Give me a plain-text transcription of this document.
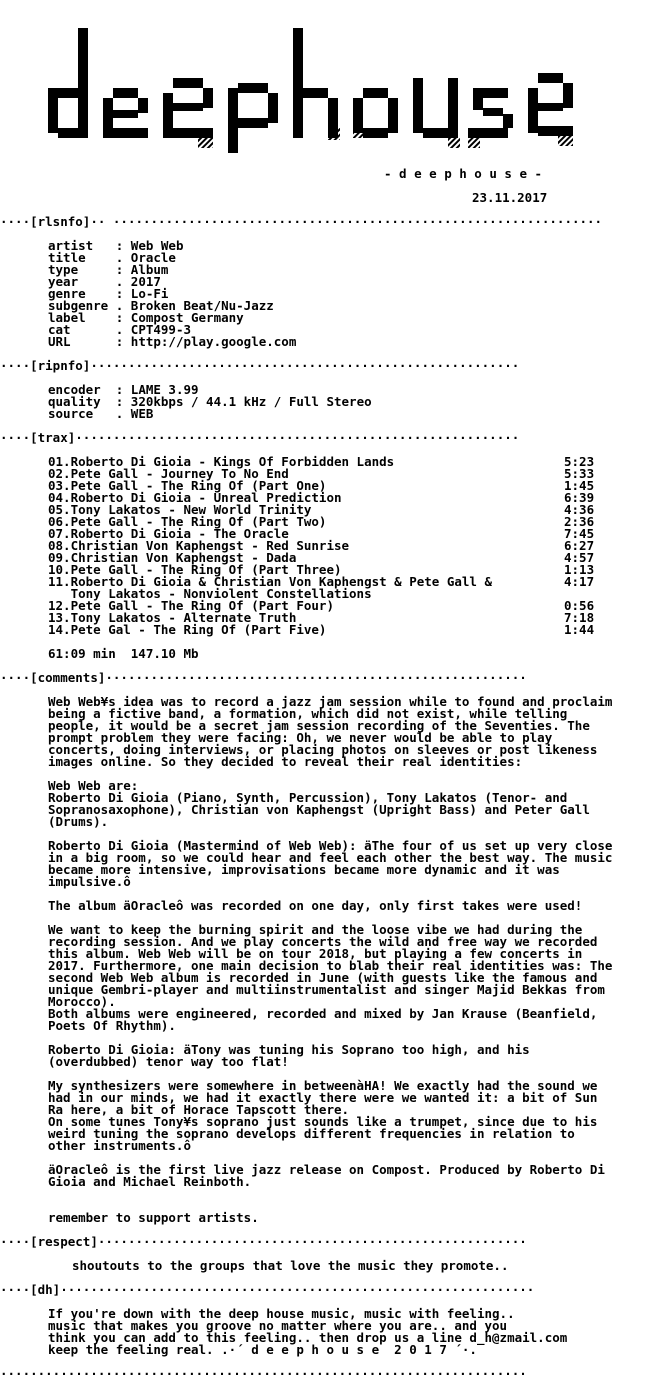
- d e e p h o u s e -
23.11.2017
····[rlsnfo]·· ·································································
artist   : Web Web
title    . Oracle
type     : Album
year     . 2017
genre    : Lo-Fi
subgenre . Broken Beat/Nu-Jazz
label    : Compost Germany
cat      . CPT499-3
URL      : http://play.google.com
····[ripnfo]·························································
encoder  : LAME 3.99
quality  : 320kbps / 44.1 kHz / Full Stereo
source   . WEB
····[trax]···························································
01.Roberto Di Gioia - Kings Of Forbidden Lands	5:23
02.Pete Gall - Journey To No End	5:33
03.Pete Gall - The Ring Of (Part One)	1:45
04.Roberto Di Gioia - Unreal Prediction	6:39
05.Tony Lakatos - New World Trinity	4:36
06.Pete Gall - The Ring Of (Part Two)	2:36
07.Roberto Di Gioia - The Oracle	7:45
08.Christian Von Kaphengst - Red Sunrise	6:27
09.Christian Von Kaphengst - Dada	4:57
10.Pete Gall - The Ring Of (Part Three)	1:13
11.Roberto Di Gioia & Christian Von Kaphengst & Pete Gall &	4:17
Tony Lakatos - Nonviolent Constellations
12.Pete Gall - The Ring Of (Part Four)	0:56
13.Tony Lakatos - Alternate Truth	7:18
14.Pete Gal - The Ring Of (Part Five)	1:44
61:09 min  147.10 Mb
····[comments]························································
Web Web¥s idea was to record a jazz jam session while to found and proclaim
being a fictive band, a formation, which did not exist, while telling
people, it would be a secret jam session recording of the Seventies. The
prompt problem they were facing: Oh, we never would be able to play
concerts, doing interviews, or placing photos on sleeves or post likeness
images online. So they decided to reveal their real identities:
Web Web are:
Roberto Di Gioia (Piano, Synth, Percussion), Tony Lakatos (Tenor- and
Sopranosaxophone), Christian von Kaphengst (Upright Bass) and Peter Gall
(Drums).
Roberto Di Gioia (Mastermind of Web Web): äThe four of us set up very close
in a big room, so we could hear and feel each other the best way. The music
became more intensive, improvisations became more dynamic and it was
impulsive.ô
The album äOracleô was recorded on one day, only first takes were used!
We want to keep the burning spirit and the loose vibe we had during the
recording session. And we play concerts the wild and free way we recorded
this album. Web Web will be on tour 2018, but playing a few concerts in
2017. Furthermore, one main decision to blab their real identities was: The
second Web Web album is recorded in June (with guests like the famous and
unique Gembri-player and multiinstrumentalist and singer Majid Bekkas from
Morocco).
Both albums were engineered, recorded and mixed by Jan Krause (Beanfield,
Poets Of Rhythm).
Roberto Di Gioia: äTony was tuning his Soprano too high, and his
(overdubbed) tenor way too flat!
My synthesizers were somewhere in betweenàHA! We exactly had the sound we
had in our minds, we had it exactly there were we wanted it: a bit of Sun
Ra here, a bit of Horace Tapscott there.
On some tunes Tony¥s soprano just sounds like a trumpet, since due to his
weird tuning the soprano develops different frequencies in relation to
other instruments.ô
äOracleô is the first live jazz release on Compost. Produced by Roberto Di
Gioia and Michael Reinboth.
remember to support artists.
····[respect]·························································
shoutouts to the groups that love the music they promote..
····[dh]·······························································
If you're down with the deep house music, music with feeling..
music that makes you groove no matter where you are.. and you
think you can add to this feeling.. then drop us a line d_h@zmail.com
keep the feeling real. .·´ d e e p h o u s e  2 0 1 7 ´·.
······································································
